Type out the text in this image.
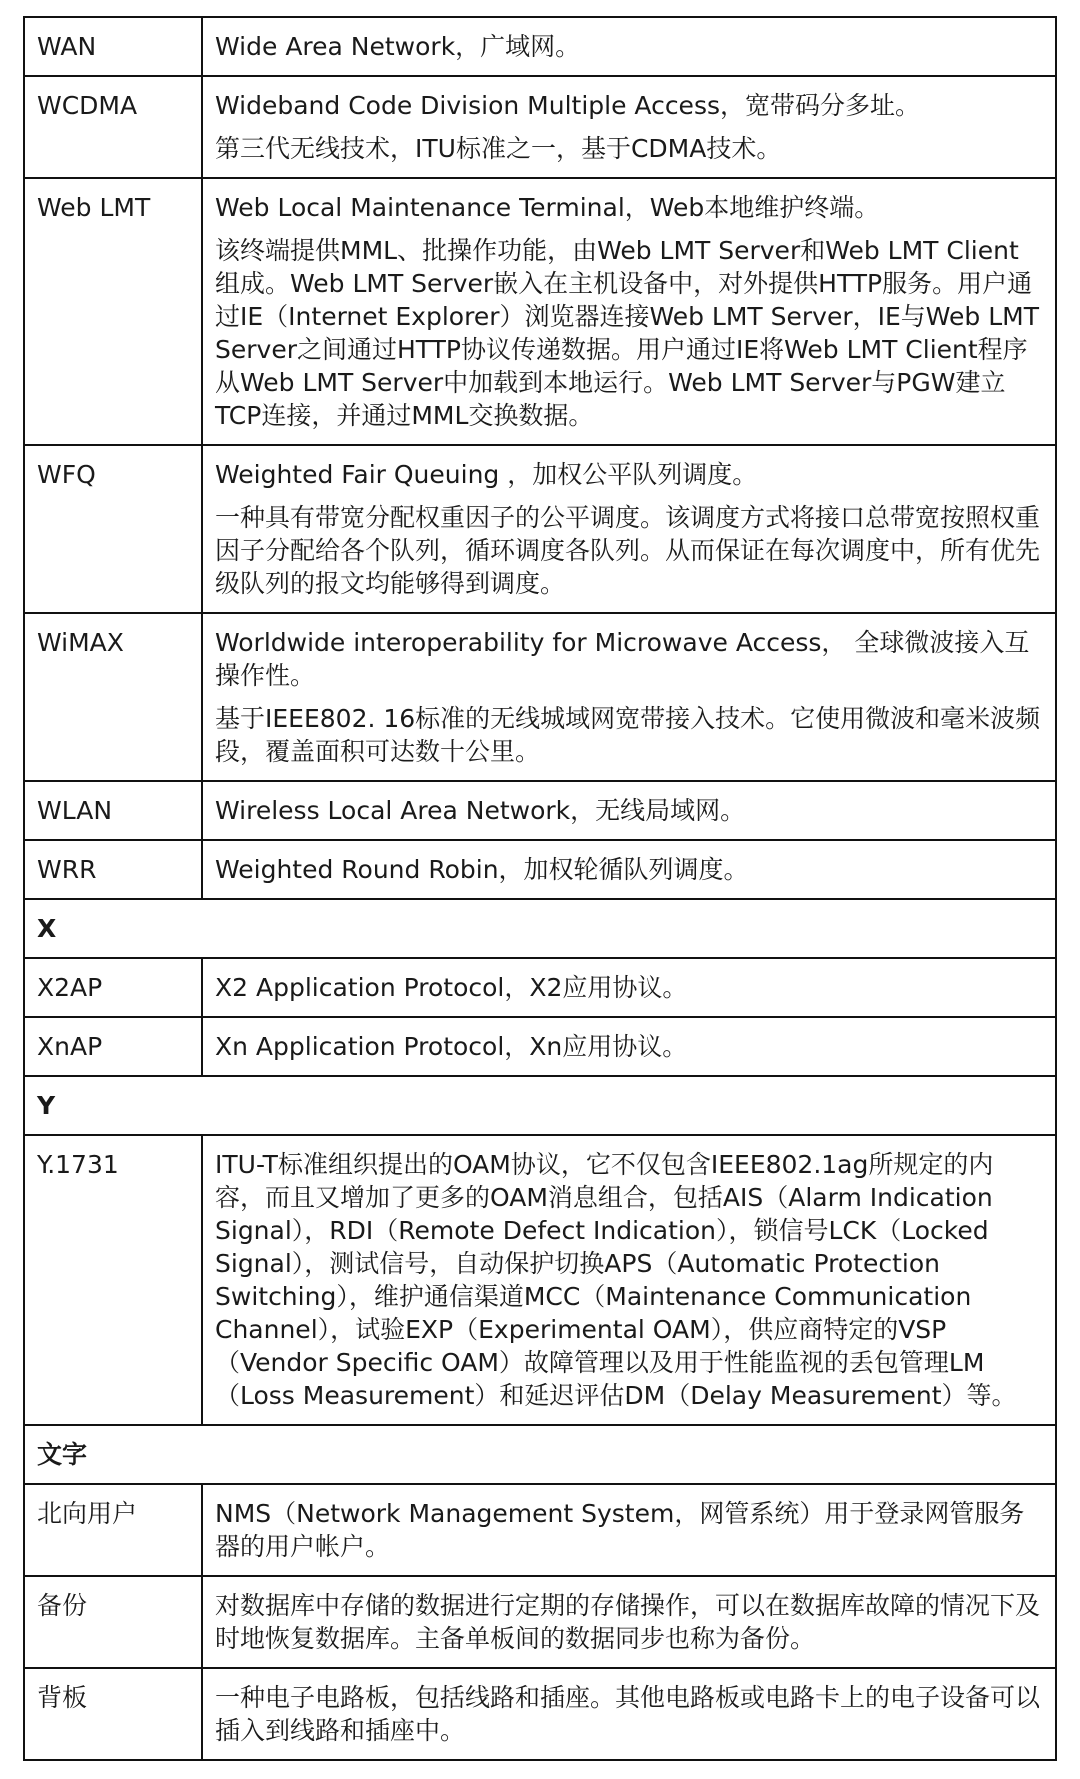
WAN	Wide Area Network，广域网。

WCDMA	Wideband Code Division Multiple Access，宽带码分多址。

第三代无线技术，ITU标准之一，基于CDMA技术。

Web LMT	Web Local Maintenance Terminal，Web本地维护终端。

该终端提供MML、批操作功能，由Web LMT Server和Web LMT Client组成。Web LMT Server嵌入在主机设备中，对外提供HTTP服务。用户通过IE（Internet Explorer）浏览器连接Web LMT Server，IE与Web LMT Server之间通过HTTP协议传递数据。用户通过IE将Web LMT Client程序从Web LMT Server中加载到本地运行。Web LMT Server与PGW建立TCP连接，并通过MML交换数据。

WFQ	Weighted Fair Queuing ，加权公平队列调度。

一种具有带宽分配权重因子的公平调度。该调度方式将接口总带宽按照权重因子分配给各个队列，循环调度各队列。从而保证在每次调度中，所有优先级队列的报文均能够得到调度。

WiMAX	Worldwide interoperability for Microwave Access， 全球微波接入互操作性。

基于IEEE802. 16标准的无线城域网宽带接入技术。它使用微波和毫米波频段，覆盖面积可达数十公里。

WLAN	Wireless Local Area Network，无线局域网。

WRR	Weighted Round Robin，加权轮循队列调度。

X	
X2AP	X2 Application Protocol，X2应用协议。

XnAP	Xn Application Protocol，Xn应用协议。

Y	
Y.1731	ITU-T标准组织提出的OAM协议，它不仅包含IEEE802.1ag所规定的内容，而且又增加了更多的OAM消息组合，包括AIS（Alarm Indication Signal），RDI（Remote Defect Indication），锁信号LCK（Locked Signal），测试信号，自动保护切换APS（Automatic Protection Switching），维护通信渠道MCC（Maintenance Communication Channel），试验EXP（Experimental OAM），供应商特定的VSP（Vendor Specific OAM）故障管理以及用于性能监视的丢包管理LM（Loss Measurement）和延迟评估DM（Delay Measurement）等。

文字	
北向用户	NMS（Network Management System，网管系统）用于登录网管服务器的用户帐户。

备份	对数据库中存储的数据进行定期的存储操作，可以在数据库故障的情况下及时地恢复数据库。主备单板间的数据同步也称为备份。

背板	一种电子电路板，包括线路和插座。其他电路板或电路卡上的电子设备可以插入到线路和插座中。
